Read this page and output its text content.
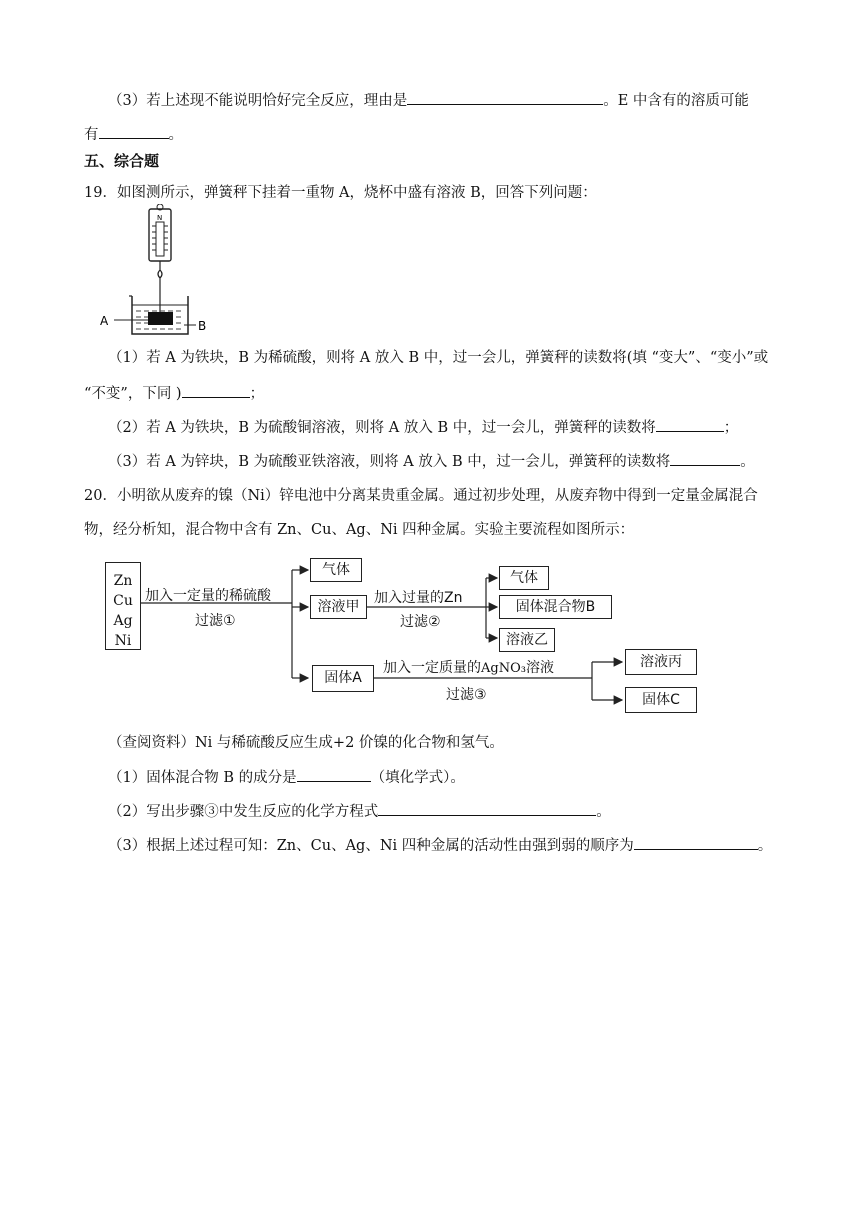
（3）若上述现不能说明恰好完全反应，理由是	。E 中含有的溶质可能
有	。
五、综合题
19．如图测所示，弹簧秤下挂着一重物 A，烧杯中盛有溶液 B，回答下列问题：
N
A	B
（1）若 A 为铁块，B 为稀硫酸，则将 A 放入 B 中，过一会儿，弹簧秤的读数将(填 “变大”、“变小”或
“不变”，下同 )	；
（2）若 A 为铁块，B 为硫酸铜溶液，则将 A 放入 B 中，过一会儿，弹簧秤的读数将	；
（3）若 A 为锌块，B 为硫酸亚铁溶液，则将 A 放入 B 中，过一会儿，弹簧秤的读数将	。
20．小明欲从废弃的镍（Ni）锌电池中分离某贵重金属。通过初步处理，从废弃物中得到一定量金属混合
物，经分析知，混合物中含有 Zn、Cu、Ag、Ni 四种金属。实验主要流程如图所示：
Zn
Cu
Ag
Ni
加入一定量的稀硫酸
过滤①
气体
溶液甲
加入过量的Zn
过滤②
气体
固体混合物B
溶液乙
固体A
加入一定质量的AgNO₃溶液
过滤③
溶液丙
固体C
（查阅资料）Ni 与稀硫酸反应生成+2 价镍的化合物和氢气。
（1）固体混合物 B 的成分是	（填化学式）。
（2）写出步骤③中发生反应的化学方程式	。
（3）根据上述过程可知：Zn、Cu、Ag、Ni 四种金属的活动性由强到弱的顺序为	。
